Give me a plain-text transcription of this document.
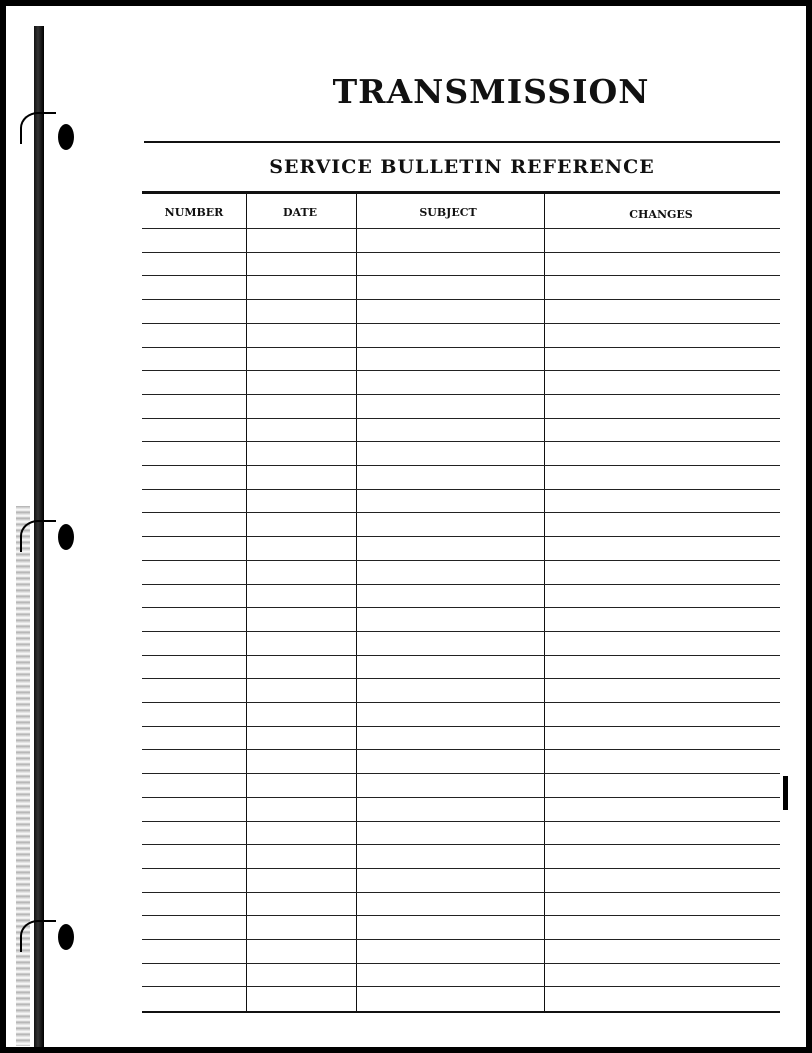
TRANSMISSION
SERVICE BULLETIN REFERENCE
NUMBER	DATE	SUBJECT	CHANGES
